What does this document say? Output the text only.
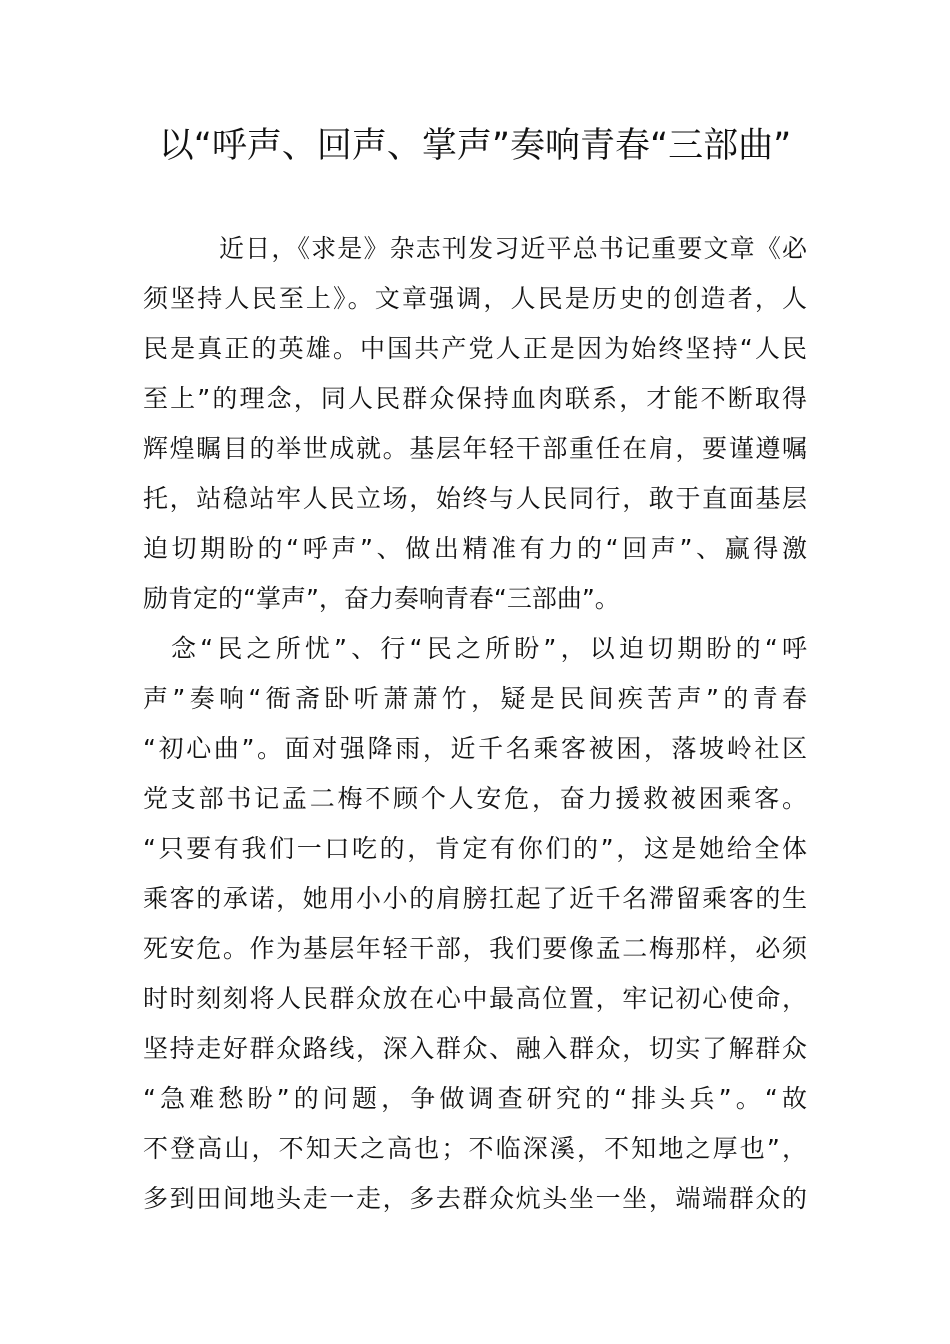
以“呼声、回声、掌声”奏响青春“三部曲”
近日，《求是》杂志刊发习近平总书记重要文章《必
须坚持人民至上》。文章强调，人民是历史的创造者，人
民是真正的英雄。中国共产党人正是因为始终坚持“人民
至上”的理念，同人民群众保持血肉联系，才能不断取得
辉煌瞩目的举世成就。基层年轻干部重任在肩，要谨遵嘱
托，站稳站牢人民立场，始终与人民同行，敢于直面基层
迫切期盼的“呼声”、做出精准有力的“回声”、赢得激
励肯定的“掌声”，奋力奏响青春“三部曲”。
念“民之所忧”、行“民之所盼”，以迫切期盼的“呼
声”奏响“衙斋卧听萧萧竹，疑是民间疾苦声”的青春
“初心曲”。面对强降雨，近千名乘客被困，落坡岭社区
党支部书记孟二梅不顾个人安危，奋力援救被困乘客。
“只要有我们一口吃的，肯定有你们的”，这是她给全体
乘客的承诺，她用小小的肩膀扛起了近千名滞留乘客的生
死安危。作为基层年轻干部，我们要像孟二梅那样，必须
时时刻刻将人民群众放在心中最高位置，牢记初心使命，
坚持走好群众路线，深入群众、融入群众，切实了解群众
“急难愁盼”的问题，争做调查研究的“排头兵”。“故
不登高山，不知天之高也；不临深溪，不知地之厚也”，
多到田间地头走一走，多去群众炕头坐一坐，端端群众的
